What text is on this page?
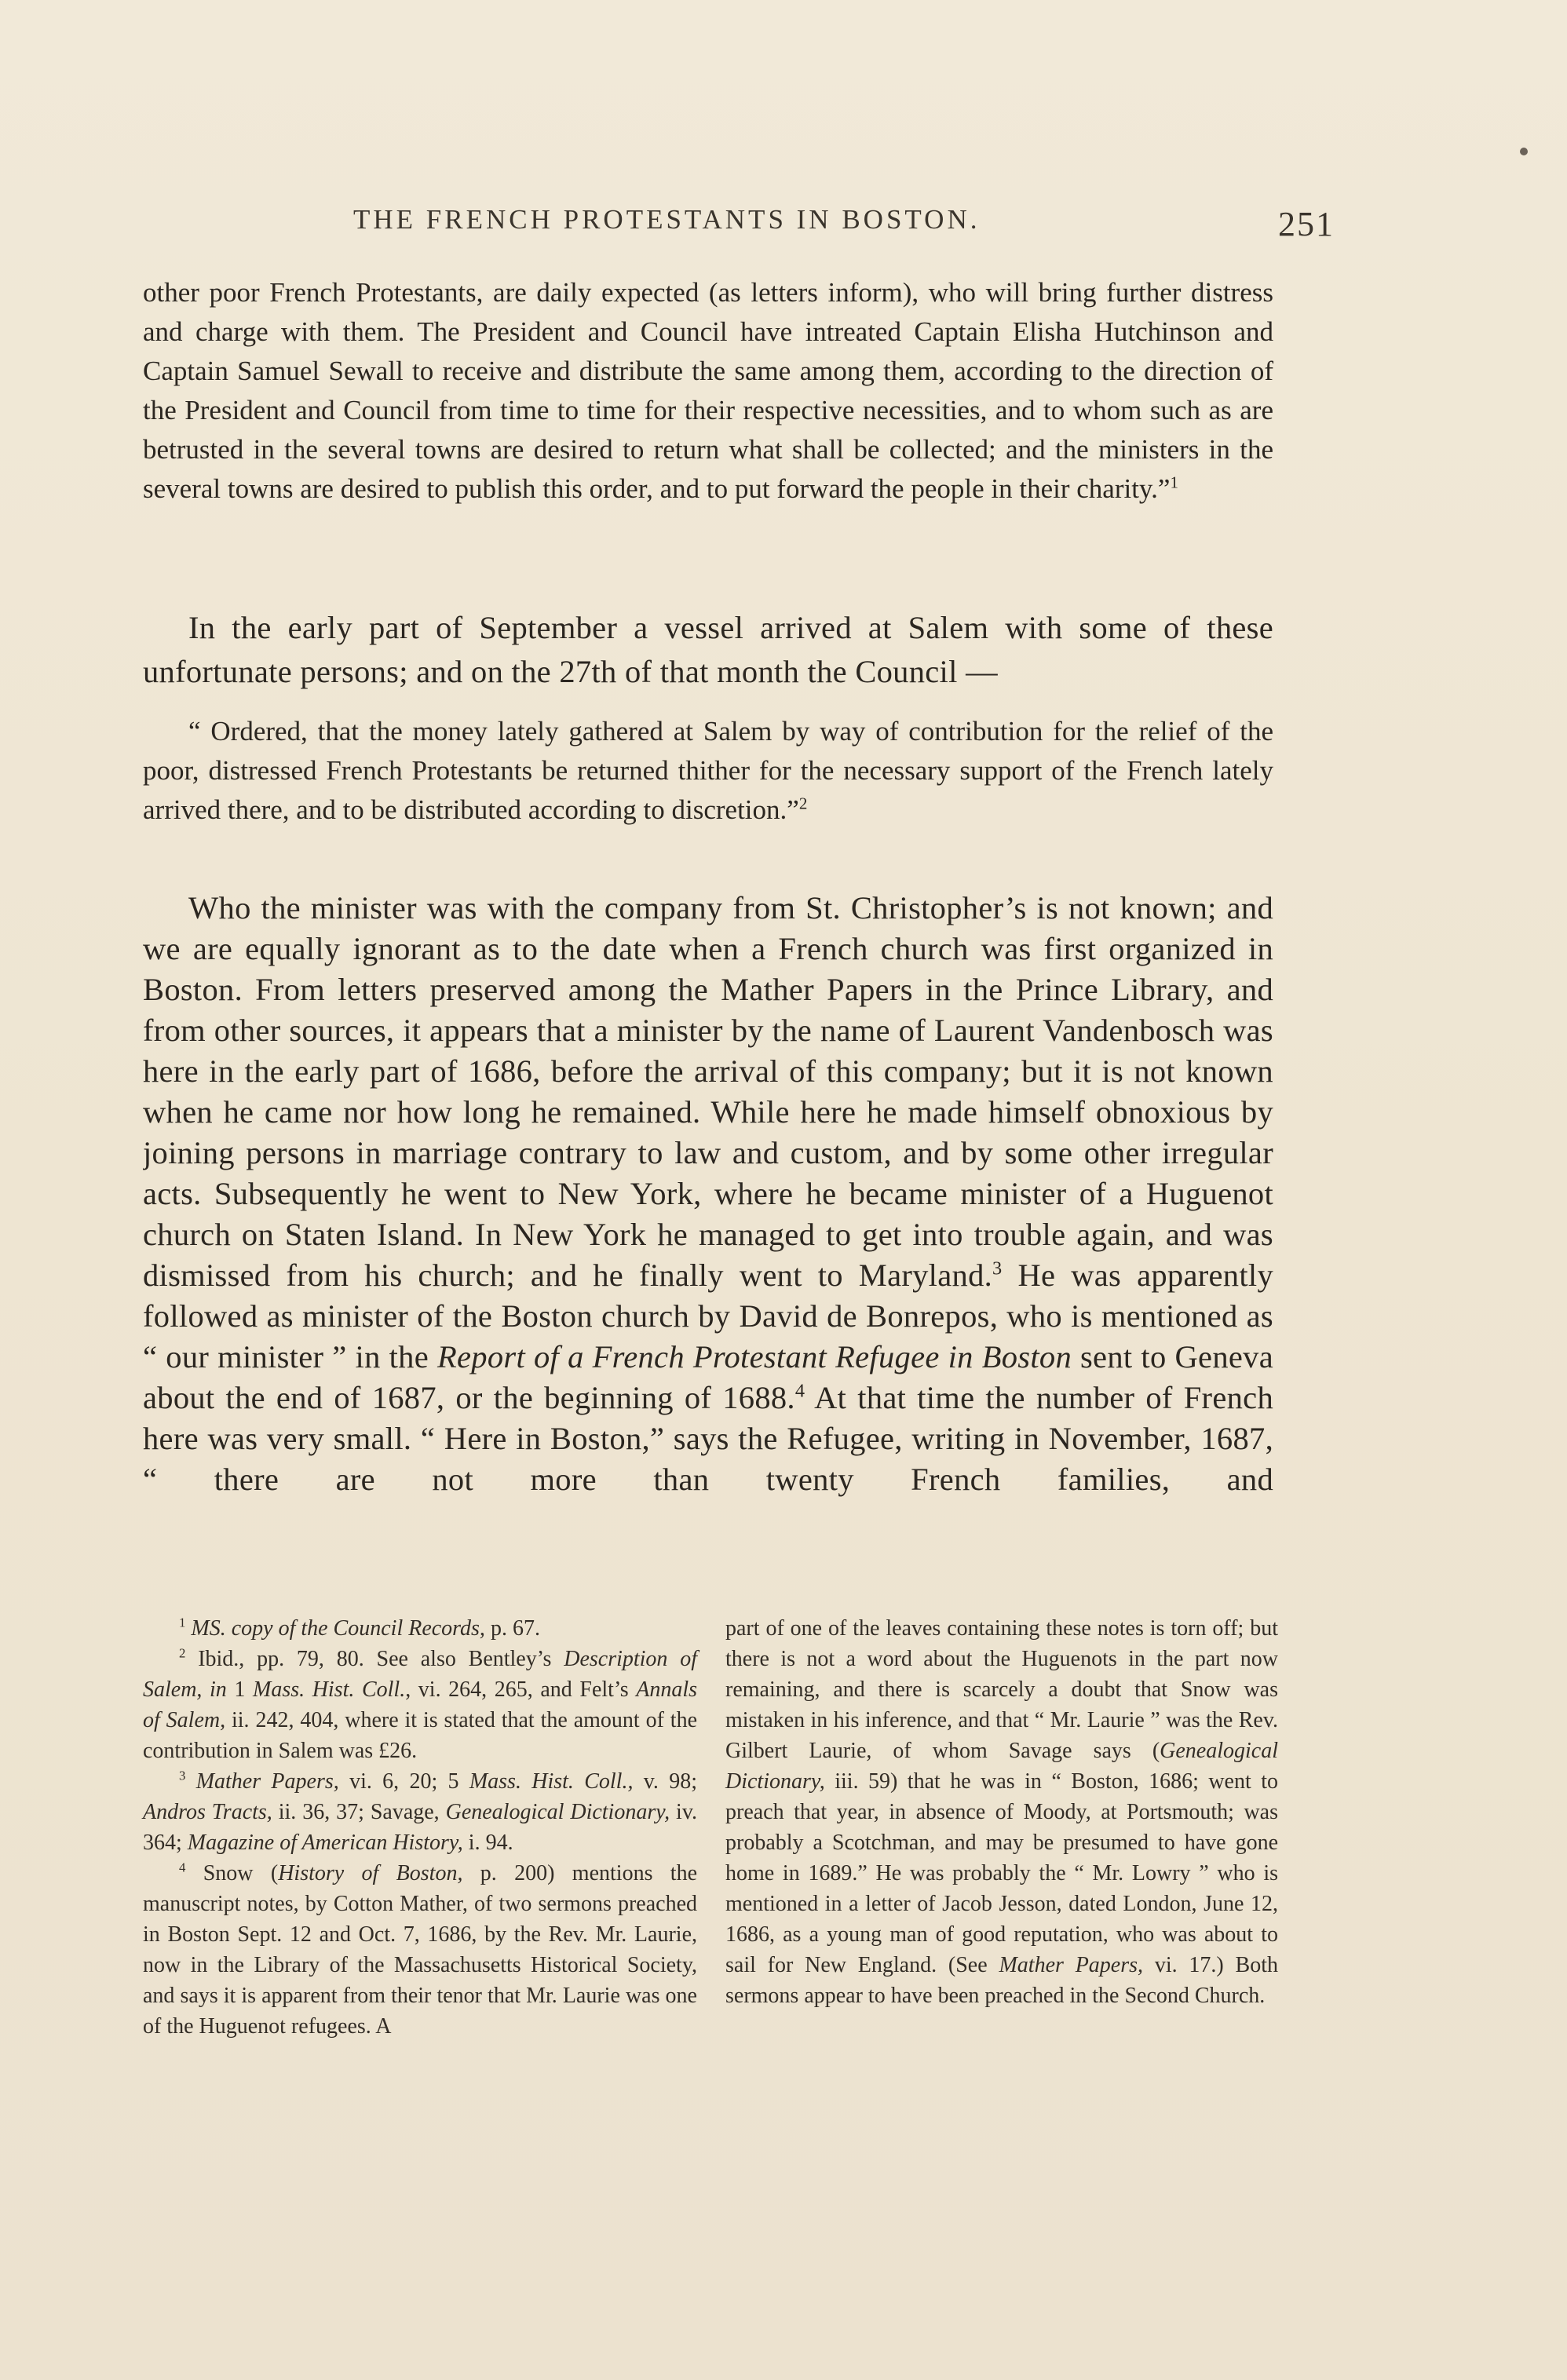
THE FRENCH PROTESTANTS IN BOSTON.	251

other poor French Protestants, are daily expected (as letters inform), who will bring further distress and charge with them. The President and Council have intreated Captain Elisha Hutchinson and Captain Samuel Sewall to receive and distribute the same among them, according to the direction of the President and Council from time to time for their respective necessities, and to whom such as are betrusted in the several towns are desired to return what shall be collected; and the ministers in the several towns are desired to publish this order, and to put forward the people in their charity.”$^1$

In the early part of September a vessel arrived at Salem with some of these unfortunate persons; and on the 27th of that month the Council —

“ Ordered, that the money lately gathered at Salem by way of contribution for the relief of the poor, distressed French Protestants be returned thither for the necessary support of the French lately arrived there, and to be distributed according to discretion.”$^2$

Who the minister was with the company from St. Christopher’s is not known; and we are equally ignorant as to the date when a French church was first organized in Boston. From letters preserved among the Mather Papers in the Prince Library, and from other sources, it appears that a minister by the name of Laurent Vandenbosch was here in the early part of 1686, before the arrival of this company; but it is not known when he came nor how long he remained. While here he made himself obnoxious by joining persons in marriage contrary to law and custom, and by some other irregular acts. Subsequently he went to New York, where he became minister of a Huguenot church on Staten Island. In New York he managed to get into trouble again, and was dismissed from his church; and he finally went to Maryland.$^3$ He was apparently followed as minister of the Boston church by David de Bonrepos, who is mentioned as “ our minister ” in the Report of a French Protestant Refugee in Boston sent to Geneva about the end of 1687, or the beginning of 1688.$^4$ At that time the number of French here was very small. “ Here in Boston,” says the Refugee, writing in November, 1687, “ there are not more than twenty French families, and

$^1$ MS. copy of the Council Records, p. 67.

$^2$ Ibid., pp. 79, 80. See also Bentley’s Description of Salem, in 1 Mass. Hist. Coll., vi. 264, 265, and Felt’s Annals of Salem, ii. 242, 404, where it is stated that the amount of the contribution in Salem was £26.

$^3$ Mather Papers, vi. 6, 20; 5 Mass. Hist. Coll., v. 98; Andros Tracts, ii. 36, 37; Savage, Genealogical Dictionary, iv. 364; Magazine of American History, i. 94.

$^4$ Snow (History of Boston, p. 200) mentions the manuscript notes, by Cotton Mather, of two sermons preached in Boston Sept. 12 and Oct. 7, 1686, by the Rev. Mr. Laurie, now in the Library of the Massachusetts Historical Society, and says it is apparent from their tenor that Mr. Laurie was one of the Huguenot refugees. A

part of one of the leaves containing these notes is torn off; but there is not a word about the Huguenots in the part now remaining, and there is scarcely a doubt that Snow was mistaken in his inference, and that “ Mr. Laurie ” was the Rev. Gilbert Laurie, of whom Savage says (Genealogical Dictionary, iii. 59) that he was in “ Boston, 1686; went to preach that year, in absence of Moody, at Portsmouth; was probably a Scotchman, and may be presumed to have gone home in 1689.” He was probably the “ Mr. Lowry ” who is mentioned in a letter of Jacob Jesson, dated London, June 12, 1686, as a young man of good reputation, who was about to sail for New England. (See Mather Papers, vi. 17.) Both sermons appear to have been preached in the Second Church.
